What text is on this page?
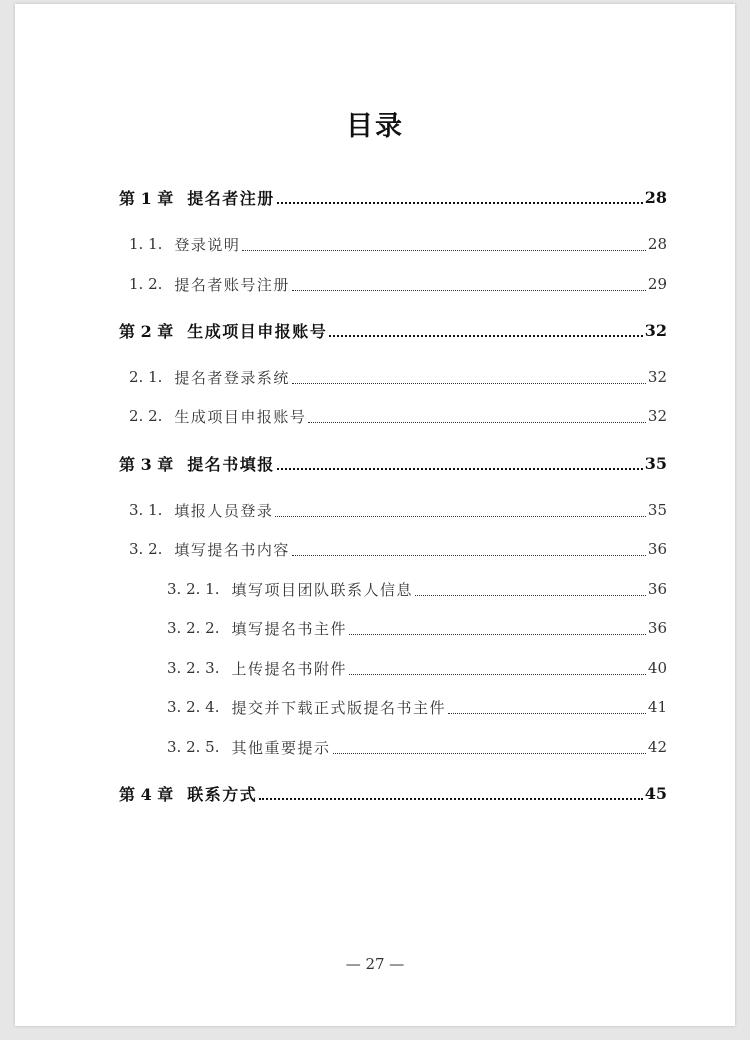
目录
第 1 章 提名者注册	28
1. 1. 登录说明	28
1. 2. 提名者账号注册	29
第 2 章 生成项目申报账号	32
2. 1. 提名者登录系统	32
2. 2. 生成项目申报账号	32
第 3 章 提名书填报	35
3. 1. 填报人员登录	35
3. 2. 填写提名书内容	36
3. 2. 1. 填写项目团队联系人信息	36
3. 2. 2. 填写提名书主件	36
3. 2. 3. 上传提名书附件	40
3. 2. 4. 提交并下载正式版提名书主件	41
3. 2. 5. 其他重要提示	42
第 4 章 联系方式	45
— 27 —
